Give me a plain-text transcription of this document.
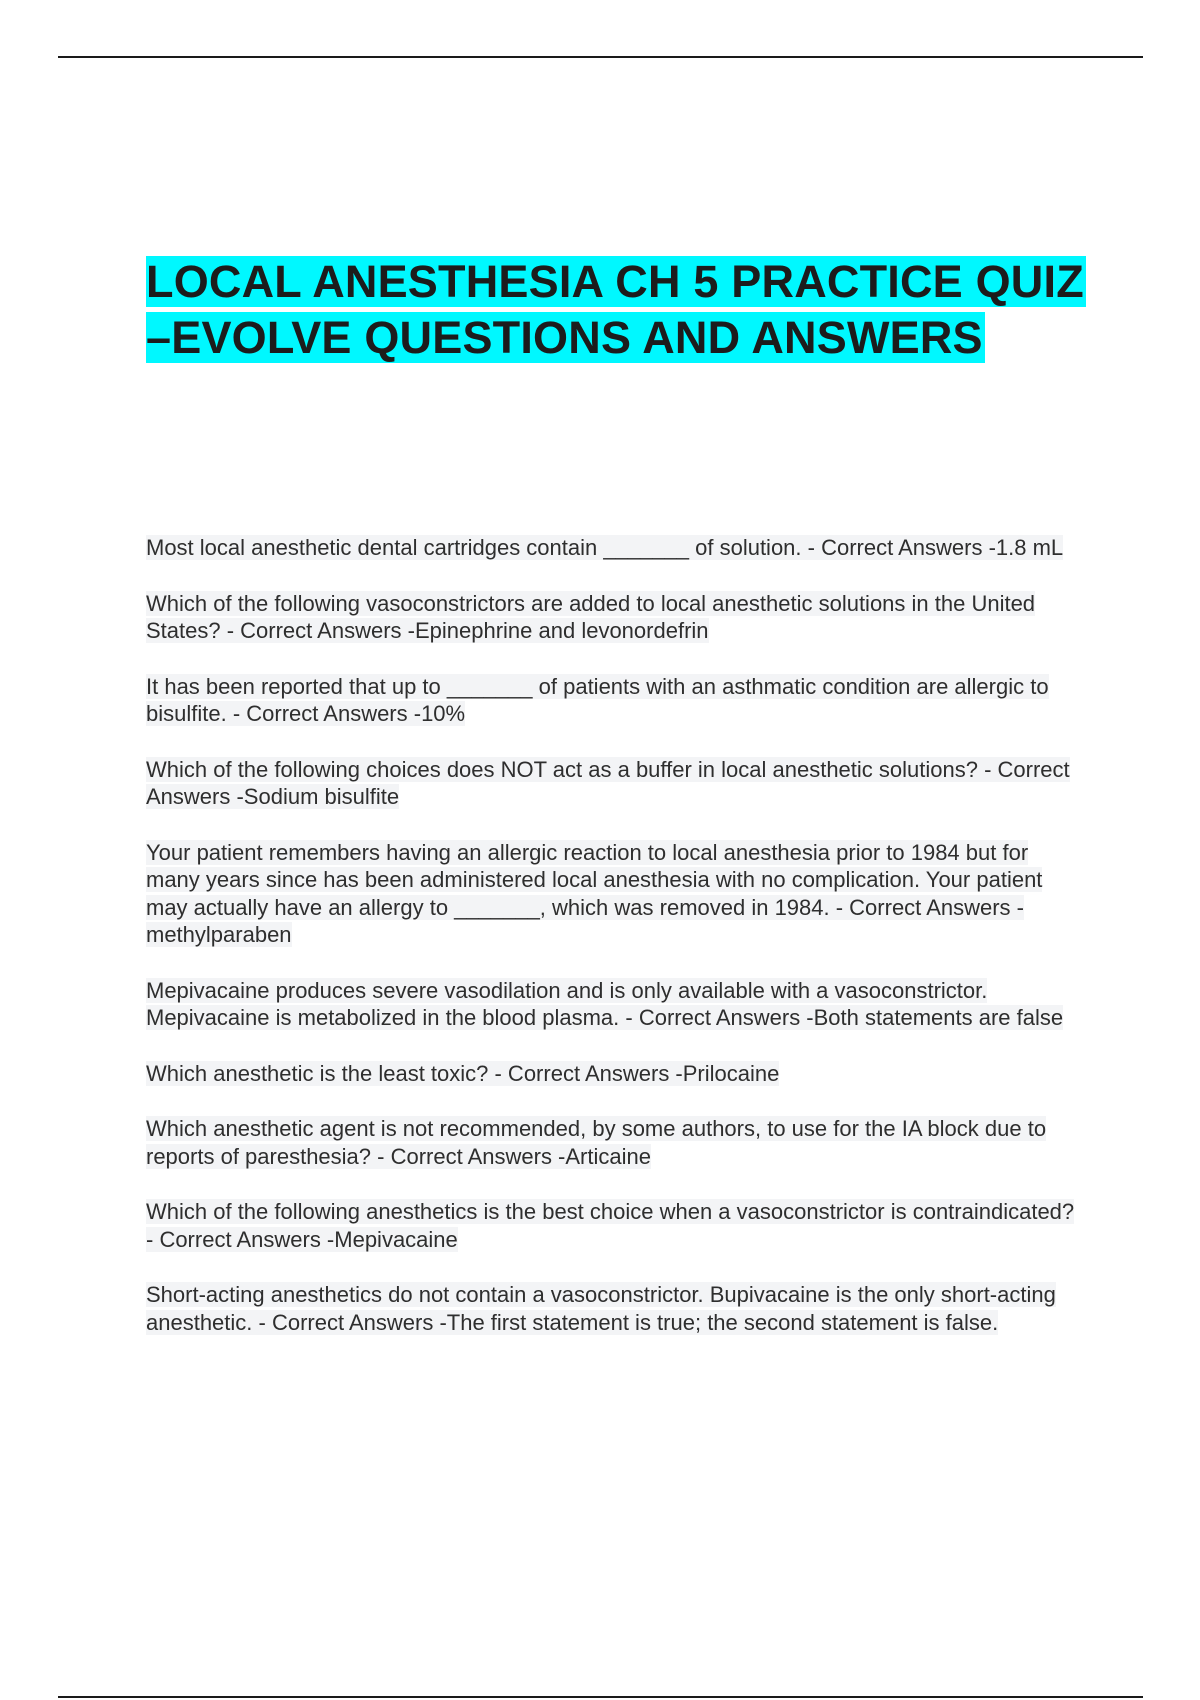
LOCAL ANESTHESIA CH 5 PRACTICE QUIZ –EVOLVE QUESTIONS AND ANSWERS
Most local anesthetic dental cartridges contain _______ of solution. - Correct Answers -1.8 mL
Which of the following vasoconstrictors are added to local anesthetic solutions in the United States? - Correct Answers -Epinephrine and levonordefrin
It has been reported that up to _______ of patients with an asthmatic condition are allergic to bisulfite. - Correct Answers -10%
Which of the following choices does NOT act as a buffer in local anesthetic solutions? - Correct Answers -Sodium bisulfite
Your patient remembers having an allergic reaction to local anesthesia prior to 1984 but for many years since has been administered local anesthesia with no complication. Your patient may actually have an allergy to _______, which was removed in 1984. - Correct Answers -methylparaben
Mepivacaine produces severe vasodilation and is only available with a vasoconstrictor. Mepivacaine is metabolized in the blood plasma. - Correct Answers -Both statements are false
Which anesthetic is the least toxic? - Correct Answers -Prilocaine
Which anesthetic agent is not recommended, by some authors, to use for the IA block due to reports of paresthesia? - Correct Answers -Articaine
Which of the following anesthetics is the best choice when a vasoconstrictor is contraindicated? - Correct Answers -Mepivacaine
Short-acting anesthetics do not contain a vasoconstrictor. Bupivacaine is the only short-acting anesthetic. - Correct Answers -The first statement is true; the second statement is false.
